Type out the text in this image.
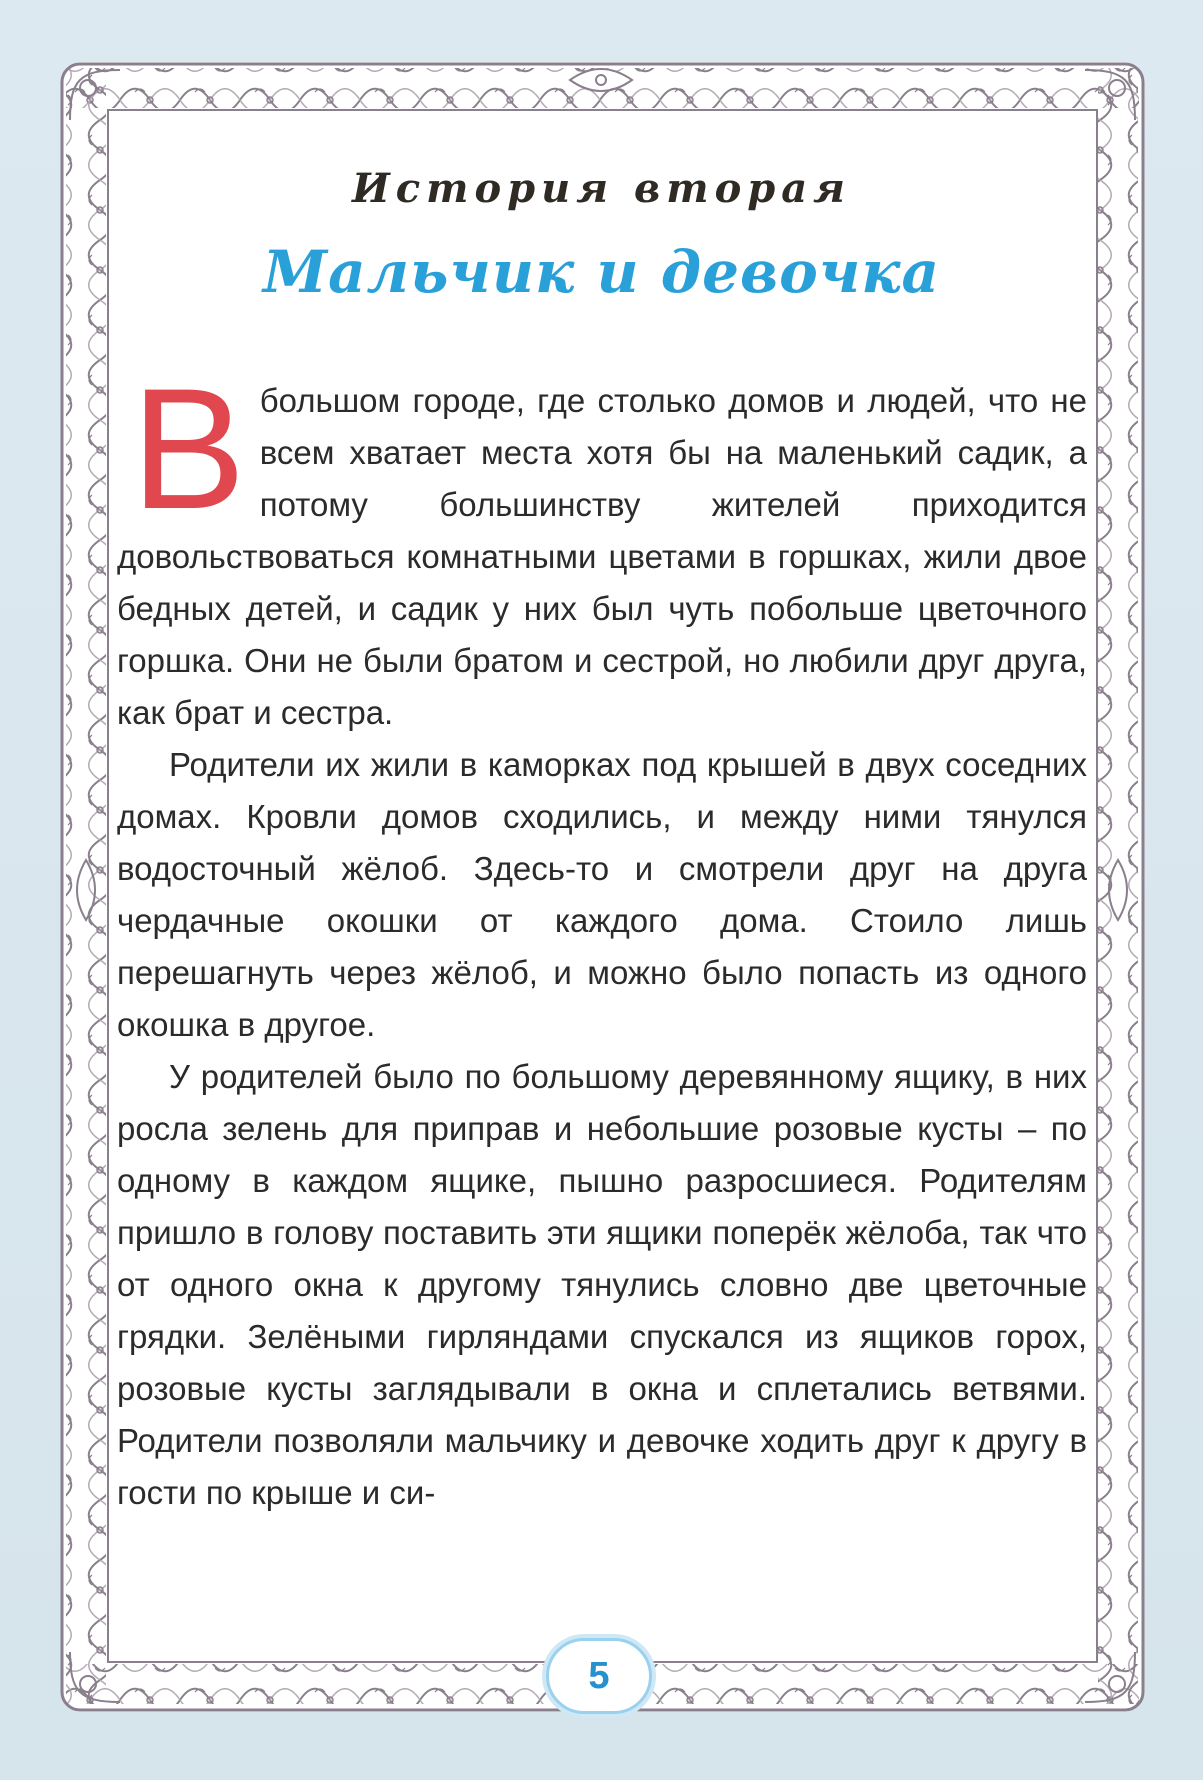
История вторая
Мальчик и девочка

В большом городе, где столько домов и людей, что не всем хватает места хотя бы на маленький садик, а потому большинству жителей приходится довольствоваться комнатными цветами в горшках, жили двое бедных детей, и садик у них был чуть побольше цветочного горшка. Они не были братом и сестрой, но любили друг друга, как брат и сестра.

Родители их жили в каморках под крышей в двух соседних домах. Кровли домов сходились, и между ними тянулся водосточный жёлоб. Здесь-то и смотрели друг на друга чердачные окошки от каждого дома. Стоило лишь перешагнуть через жёлоб, и можно было попасть из одного окошка в другое.

У родителей было по большому деревянному ящику, в них росла зелень для приправ и небольшие розовые кусты – по одному в каждом ящике, пышно разросшиеся. Родителям пришло в голову поставить эти ящики поперёк жёлоба, так что от одного окна к другому тянулись словно две цветочные грядки. Зелёными гирляндами спускался из ящиков горох, розовые кусты заглядывали в окна и сплетались ветвями. Родители позволяли мальчику и девочке ходить друг к другу в гости по крыше и си-

5
